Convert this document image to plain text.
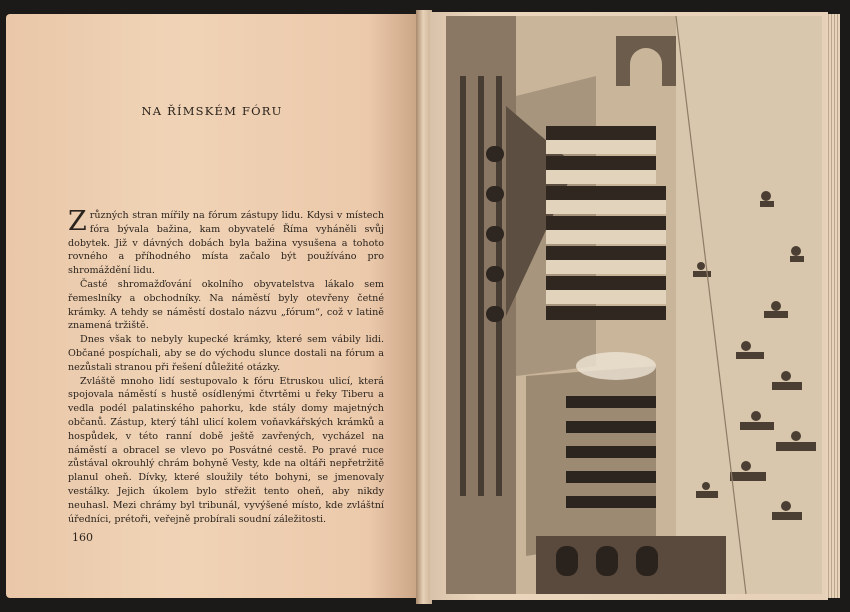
NA ŘÍMSKÉM FÓRU

Zrůzných stran mířily na fórum zástupy lidu. Kdysi v místech fóra bývala bažina, kam obyvatelé Říma vyháněli svůj dobytek. Již v dávných dobách byla bažina vysušena a tohoto rovného a příhodného místa začalo být používáno pro shromáždění lidu.

Časté shromažďování okolního obyvatelstva lákalo sem řemeslníky a obchodníky. Na náměstí byly otevřeny četné krámky. A tehdy se náměstí dostalo názvu „fórum“, což v latině znamená tržiště.

Dnes však to nebyly kupecké krámky, které sem vábily lidi. Občané pospíchali, aby se do východu slunce dostali na fórum a nezůstali stranou při řešení důležité otázky.

Zvláště mnoho lidí sestupovalo k fóru Etruskou ulicí, která spojovala náměstí s hustě osídlenými čtvrtěmi u řeky Tiberu a vedla podél palatinského pahorku, kde stály domy majetných občanů. Zástup, který táhl ulicí kolem voňavkářských krámků a hospůdek, v této ranní době ještě zavřených, vycházel na náměstí a obracel se vlevo po Posvátné cestě. Po pravé ruce zůstával okrouhlý chrám bohyně Vesty, kde na oltáři nepřetržitě planul oheň. Dívky, které sloužily této bohyni, se jmenovaly vestálky. Jejich úkolem bylo střežit tento oheň, aby nikdy neuhasl. Mezi chrámy byl tribunál, vyvýšené místo, kde zvláštní úředníci, prétoři, veřejně probírali soudní záležitosti.

160
